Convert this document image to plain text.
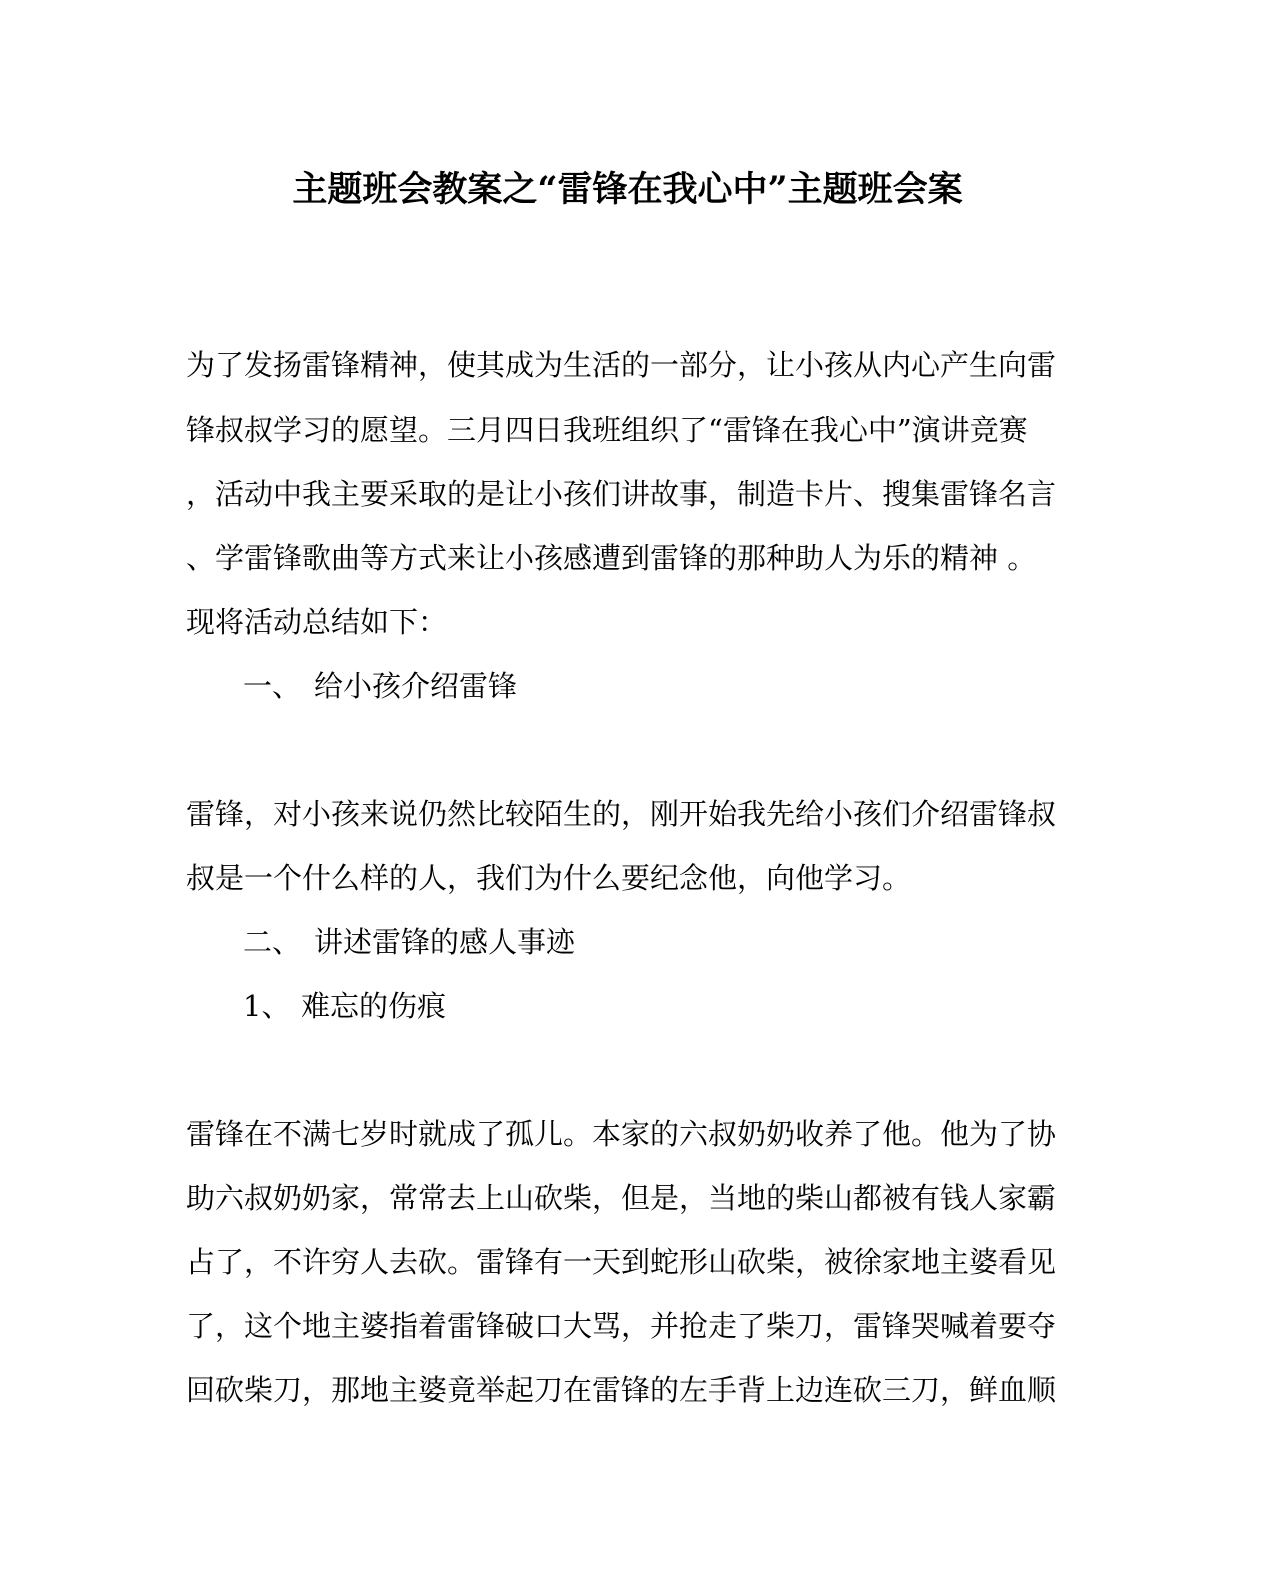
主题班会教案之“雷锋在我心中”主题班会案
为了发扬雷锋精神，使其成为生活的一部分，让小孩从内心产生向雷
锋叔叔学习的愿望。三月四日我班组织了“雷锋在我心中”演讲竞赛
，活动中我主要采取的是让小孩们讲故事，制造卡片、搜集雷锋名言
、学雷锋歌曲等方式来让小孩感遭到雷锋的那种助人为乐的精神 。
现将活动总结如下：
一、 给小孩介绍雷锋
雷锋，对小孩来说仍然比较陌生的，刚开始我先给小孩们介绍雷锋叔
叔是一个什么样的人，我们为什么要纪念他，向他学习。
二、 讲述雷锋的感人事迹
1、 难忘的伤痕
雷锋在不满七岁时就成了孤儿。本家的六叔奶奶收养了他。他为了协
助六叔奶奶家，常常去上山砍柴，但是，当地的柴山都被有钱人家霸
占了，不许穷人去砍。雷锋有一天到蛇形山砍柴，被徐家地主婆看见
了，这个地主婆指着雷锋破口大骂，并抢走了柴刀，雷锋哭喊着要夺
回砍柴刀，那地主婆竟举起刀在雷锋的左手背上边连砍三刀，鲜血顺
